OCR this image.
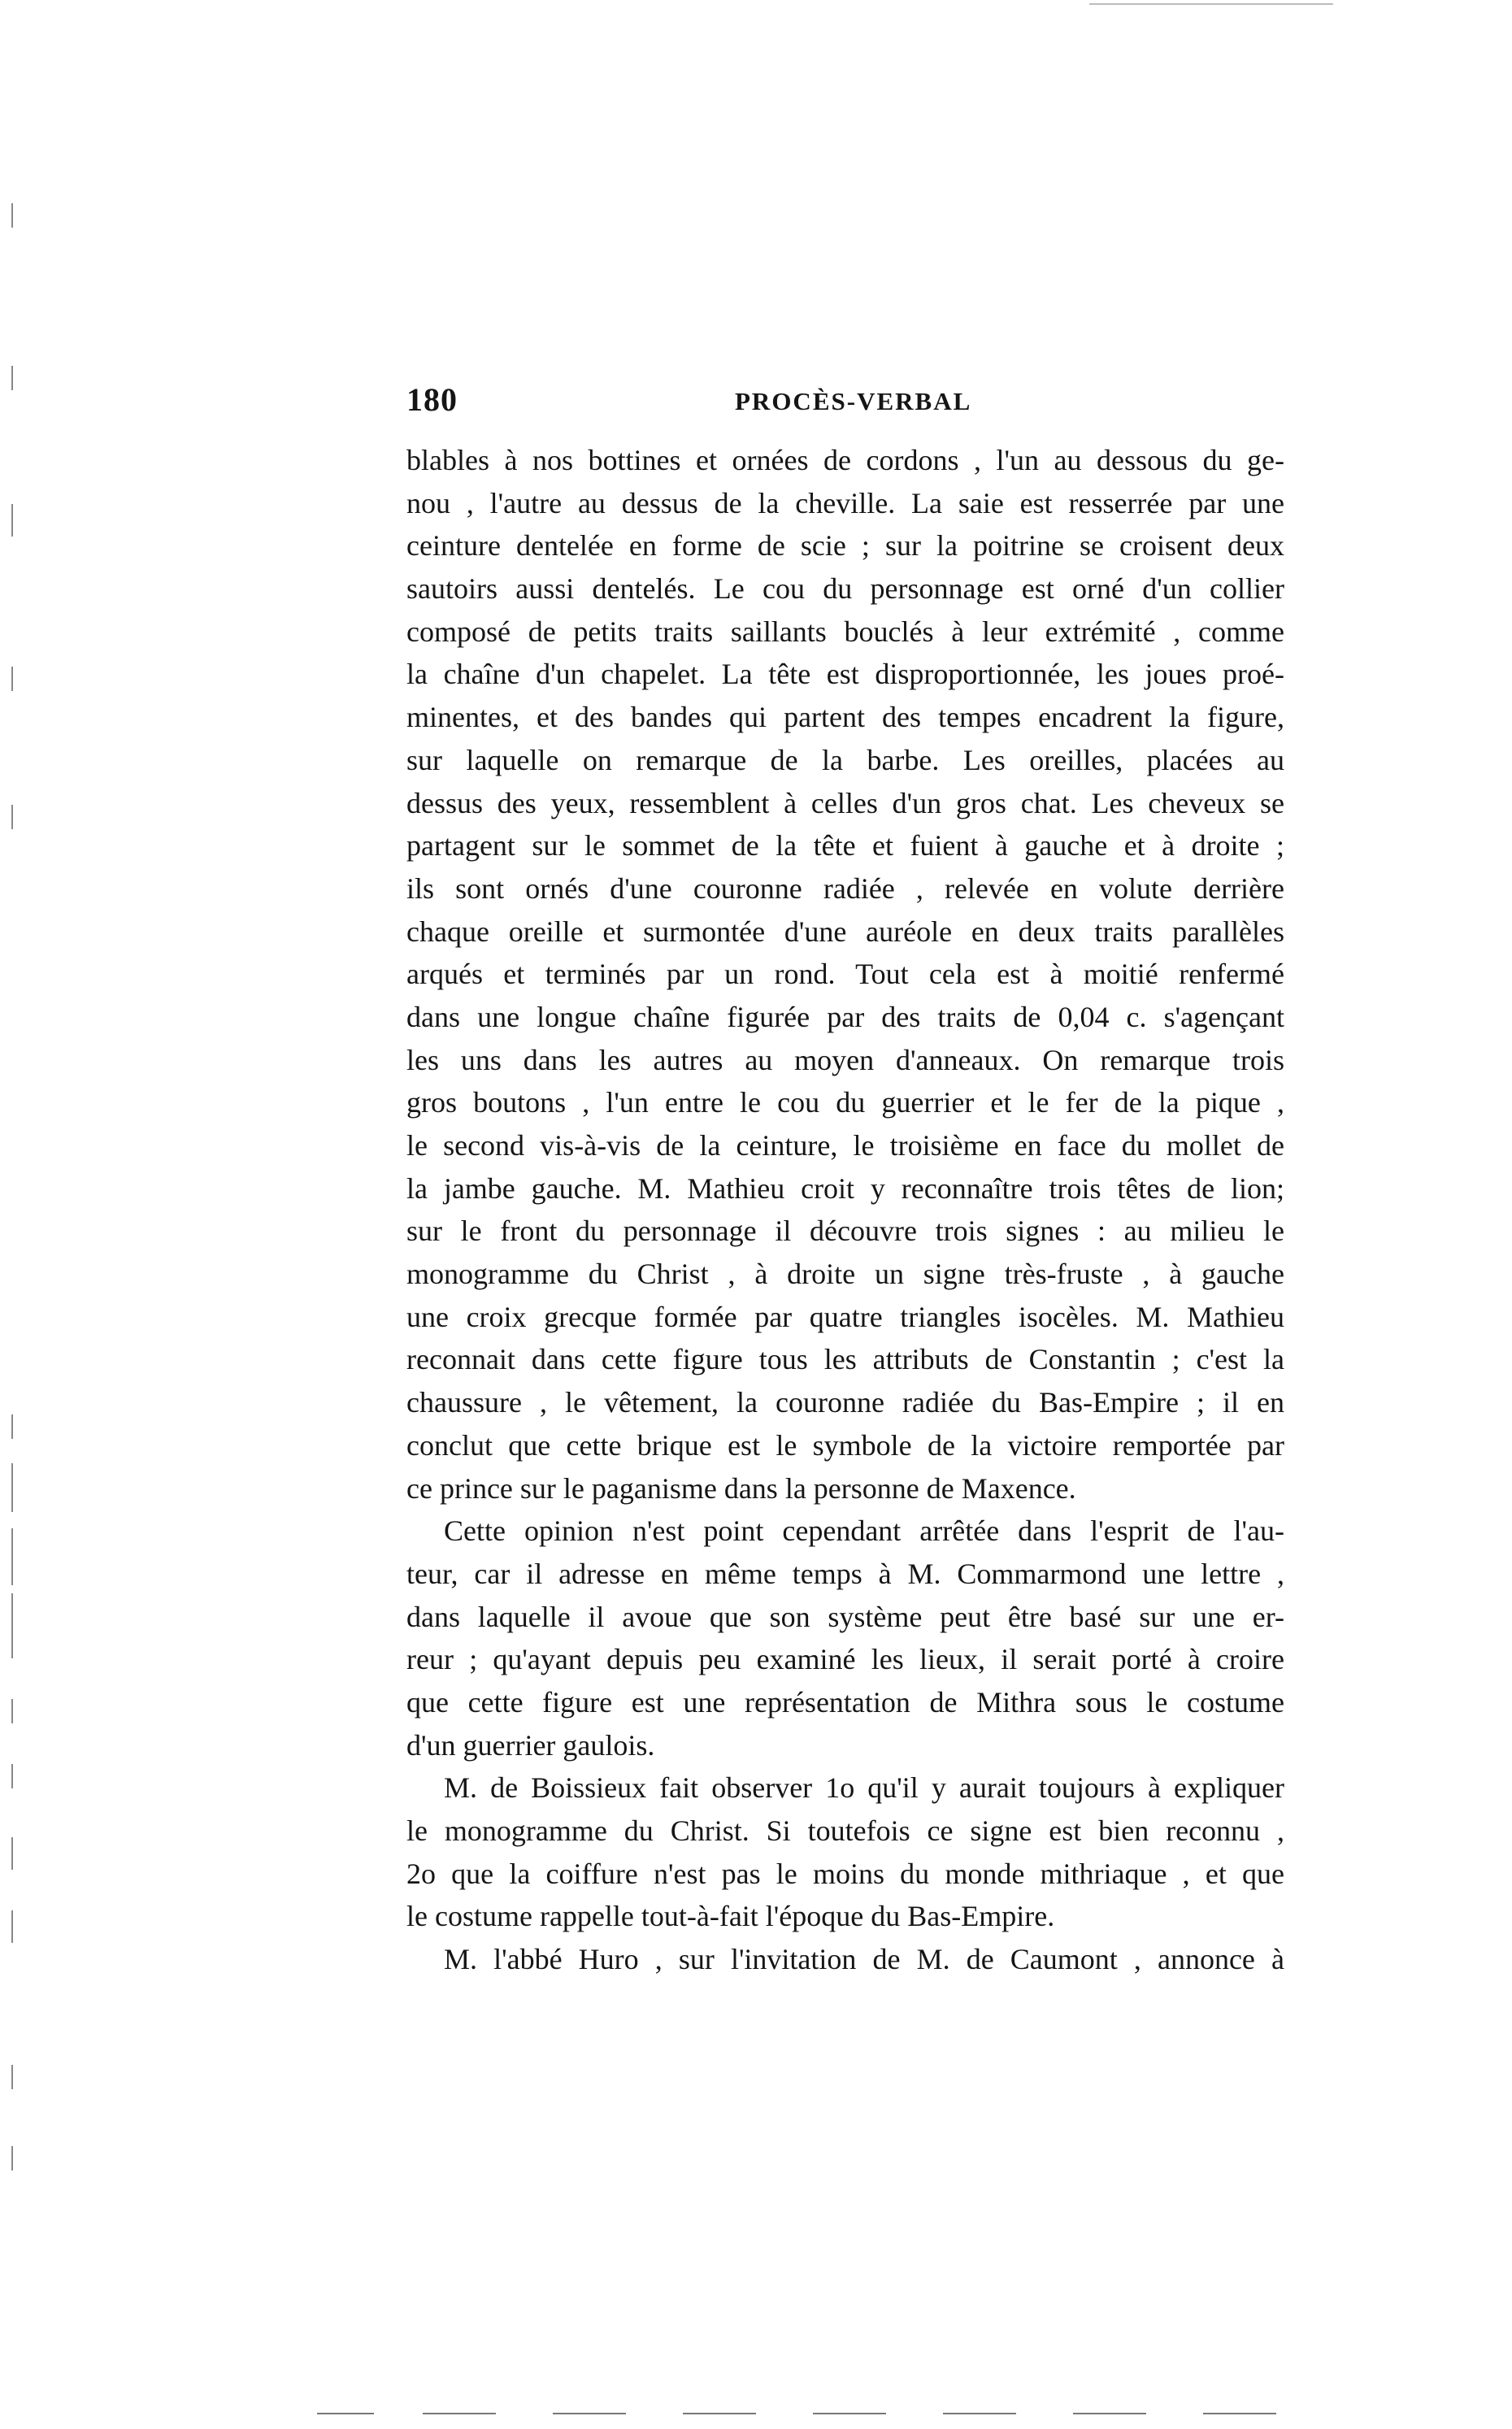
180	PROCÈS-VERBAL
blables à nos bottines et ornées de cordons , l'un au dessous du ge-
nou , l'autre au dessus de la cheville. La saie est resserrée par une
ceinture dentelée en forme de scie ; sur la poitrine se croisent deux
sautoirs aussi dentelés. Le cou du personnage est orné d'un collier
composé de petits traits saillants bouclés à leur extrémité , comme
la chaîne d'un chapelet. La tête est disproportionnée, les joues proé-
minentes, et des bandes qui partent des tempes encadrent la figure,
sur laquelle on remarque de la barbe. Les oreilles, placées au
dessus des yeux, ressemblent à celles d'un gros chat. Les cheveux se
partagent sur le sommet de la tête et fuient à gauche et à droite ;
ils sont ornés d'une couronne radiée , relevée en volute derrière
chaque oreille et surmontée d'une auréole en deux traits parallèles
arqués et terminés par un rond. Tout cela est à moitié renfermé
dans une longue chaîne figurée par des traits de 0,04 c. s'agençant
les uns dans les autres au moyen d'anneaux. On remarque trois
gros boutons , l'un entre le cou du guerrier et le fer de la pique ,
le second vis-à-vis de la ceinture, le troisième en face du mollet de
la jambe gauche. M. Mathieu croit y reconnaître trois têtes de lion;
sur le front du personnage il découvre trois signes : au milieu le
monogramme du Christ , à droite un signe très-fruste , à gauche
une croix grecque formée par quatre triangles isocèles. M. Mathieu
reconnait dans cette figure tous les attributs de Constantin ; c'est la
chaussure , le vêtement, la couronne radiée du Bas-Empire ; il en
conclut que cette brique est le symbole de la victoire remportée par
ce prince sur le paganisme dans la personne de Maxence.
Cette opinion n'est point cependant arrêtée dans l'esprit de l'au-
teur, car il adresse en même temps à M. Commarmond une lettre ,
dans laquelle il avoue que son système peut être basé sur une er-
reur ; qu'ayant depuis peu examiné les lieux, il serait porté à croire
que cette figure est une représentation de Mithra sous le costume
d'un guerrier gaulois.
M. de Boissieux fait observer 1o qu'il y aurait toujours à expliquer
le monogramme du Christ. Si toutefois ce signe est bien reconnu ,
2o que la coiffure n'est pas le moins du monde mithriaque , et que
le costume rappelle tout-à-fait l'époque du Bas-Empire.
M. l'abbé Huro , sur l'invitation de M. de Caumont , annonce à
